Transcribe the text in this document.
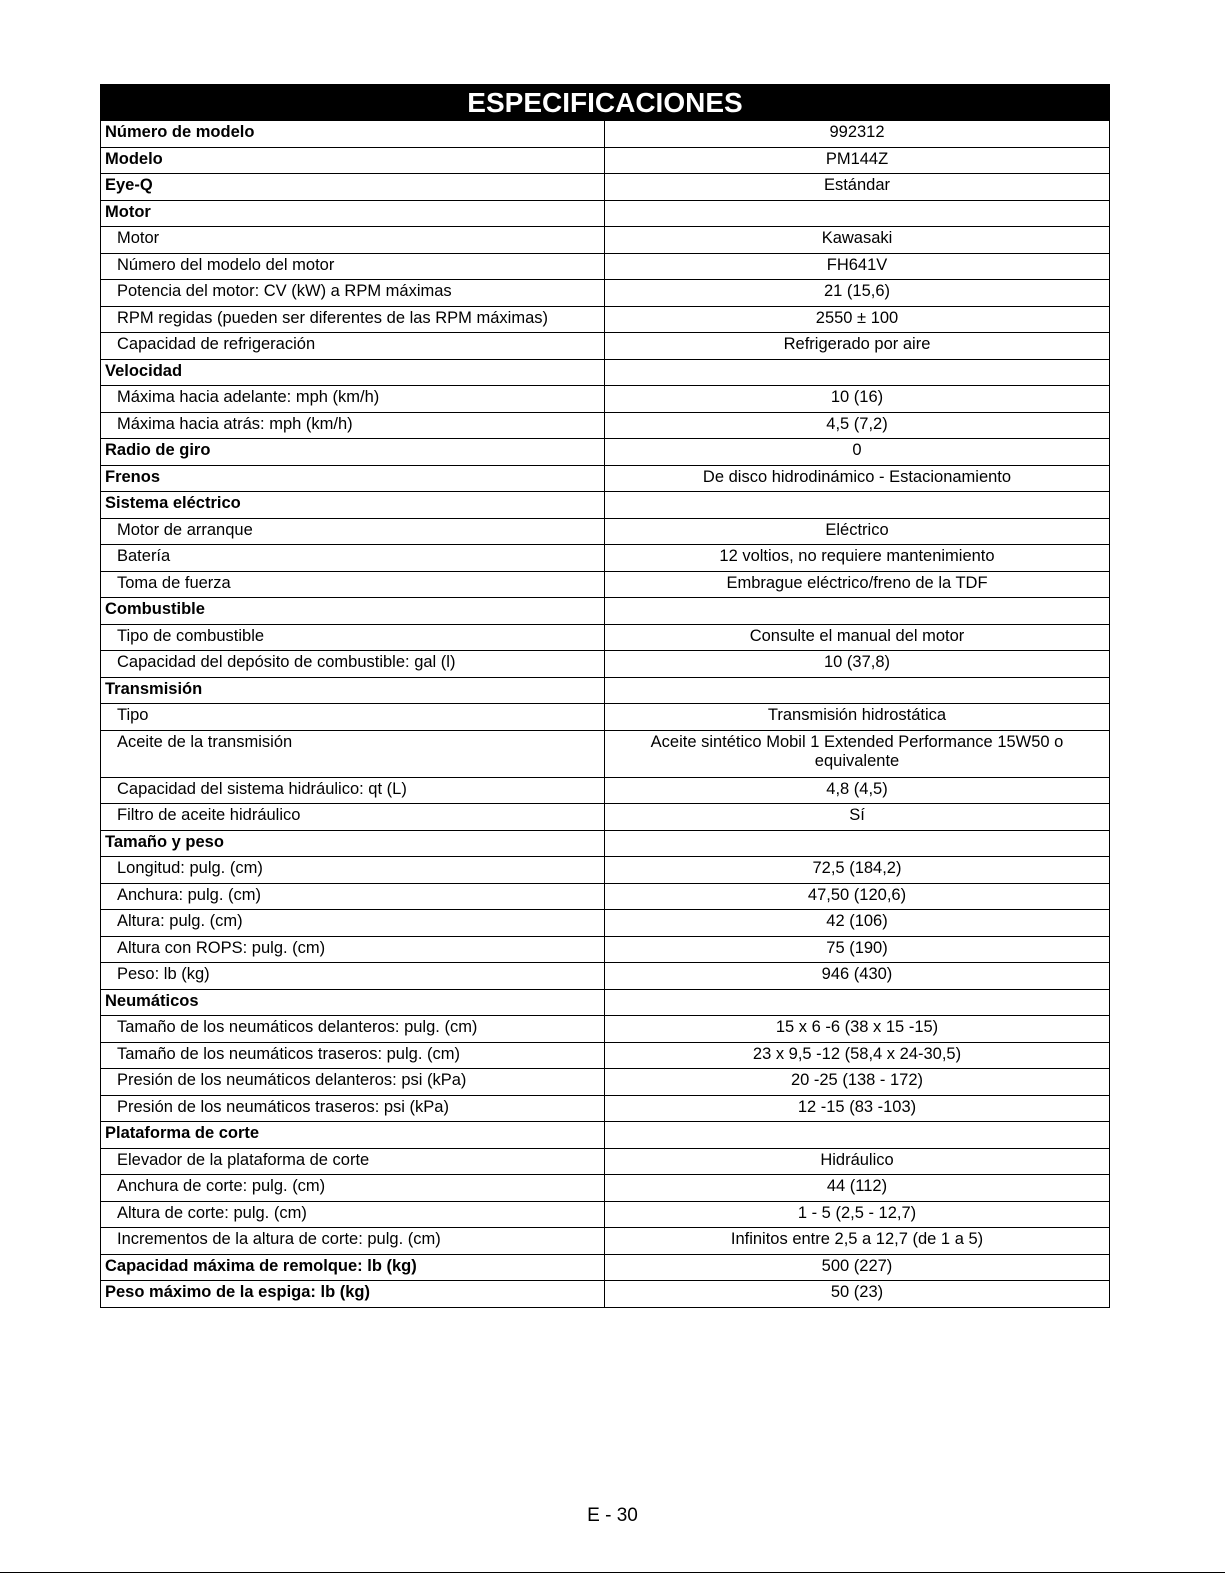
ESPECIFICACIONES
Número de modelo	992312
Modelo	PM144Z
Eye-Q	Estándar
Motor	
Motor	Kawasaki
Número del modelo del motor	FH641V
Potencia del motor: CV (kW) a RPM máximas	21 (15,6)
RPM regidas (pueden ser diferentes de las RPM máximas)	2550 ± 100
Capacidad de refrigeración	Refrigerado por aire
Velocidad	
Máxima hacia adelante: mph (km/h)	10 (16)
Máxima hacia atrás: mph (km/h)	4,5 (7,2)
Radio de giro	0
Frenos	De disco hidrodinámico - Estacionamiento
Sistema eléctrico	
Motor de arranque	Eléctrico
Batería	12 voltios, no requiere mantenimiento
Toma de fuerza	Embrague eléctrico/freno de la TDF
Combustible	
Tipo de combustible	Consulte el manual del motor
Capacidad del depósito de combustible: gal (l)	10 (37,8)
Transmisión	
Tipo	Transmisión hidrostática
Aceite de la transmisión	Aceite sintético Mobil 1 Extended Performance 15W50 o equivalente
Capacidad del sistema hidráulico: qt (L)	4,8 (4,5)
Filtro de aceite hidráulico	Sí
Tamaño y peso	
Longitud: pulg. (cm)	72,5 (184,2)
Anchura: pulg. (cm)	47,50 (120,6)
Altura: pulg. (cm)	42 (106)
Altura con ROPS: pulg. (cm)	75 (190)
Peso: lb (kg)	946 (430)
Neumáticos	
Tamaño de los neumáticos delanteros: pulg. (cm)	15 x 6 -6 (38 x 15 -15)
Tamaño de los neumáticos traseros: pulg. (cm)	23 x 9,5 -12 (58,4 x 24-30,5)
Presión de los neumáticos delanteros: psi (kPa)	20 -25 (138 - 172)
Presión de los neumáticos traseros: psi (kPa)	12 -15 (83 -103)
Plataforma de corte	
Elevador de la plataforma de corte	Hidráulico
Anchura de corte: pulg. (cm)	44 (112)
Altura de corte: pulg. (cm)	1 - 5 (2,5 - 12,7)
Incrementos de la altura de corte: pulg. (cm)	Infinitos entre 2,5 a 12,7 (de 1 a 5)
Capacidad máxima de remolque: lb (kg)	500 (227)
Peso máximo de la espiga: lb (kg)	50 (23)
E - 30
